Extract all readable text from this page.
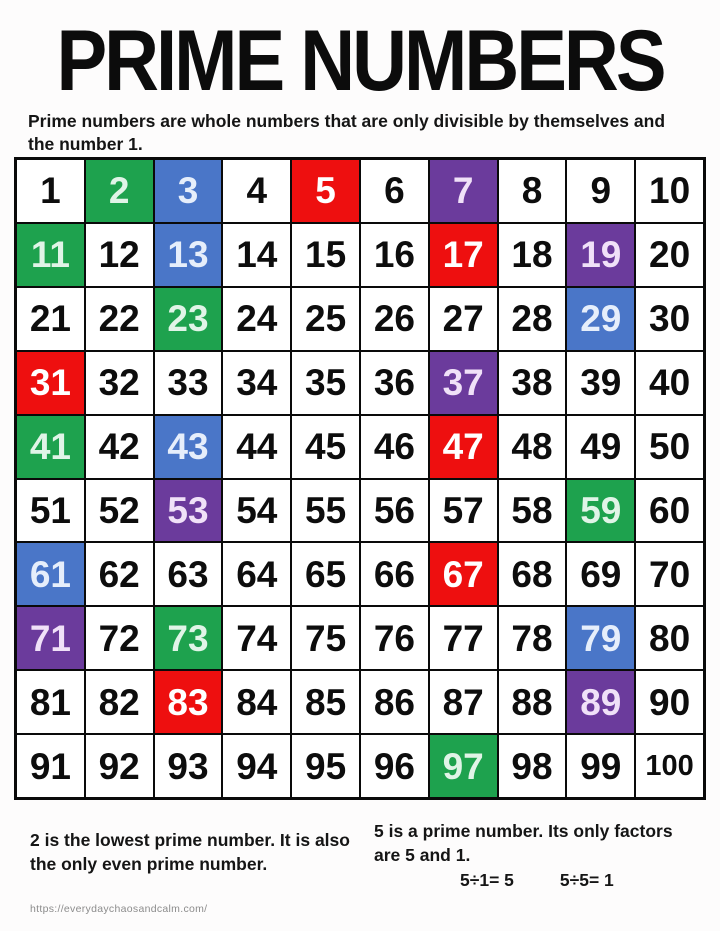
PRIME NUMBERS

Prime numbers are whole numbers that are only divisible by themselves and the number 1.

1	2	3	4	5	6	7	8	9	10
11 12 13 14 15 16 17 18 19 20
21 22 23 24 25 26 27 28 29 30
31 32 33 34 35 36 37 38 39 40
41 42 43 44 45 46 47 48 49 50
51 52 53 54 55 56 57 58 59 60
61 62 63 64 65 66 67 68 69 70
71 72 73 74 75 76 77 78 79 80
81 82 83 84 85 86 87 88 89 90
91 92 93 94 95 96 97 98 99 100

2 is the lowest prime number. It is also the only even prime number.

5 is a prime number. Its only factors are 5 and 1.

5÷1= 5	5÷5= 1
https://everydaychaosandcalm.com/
